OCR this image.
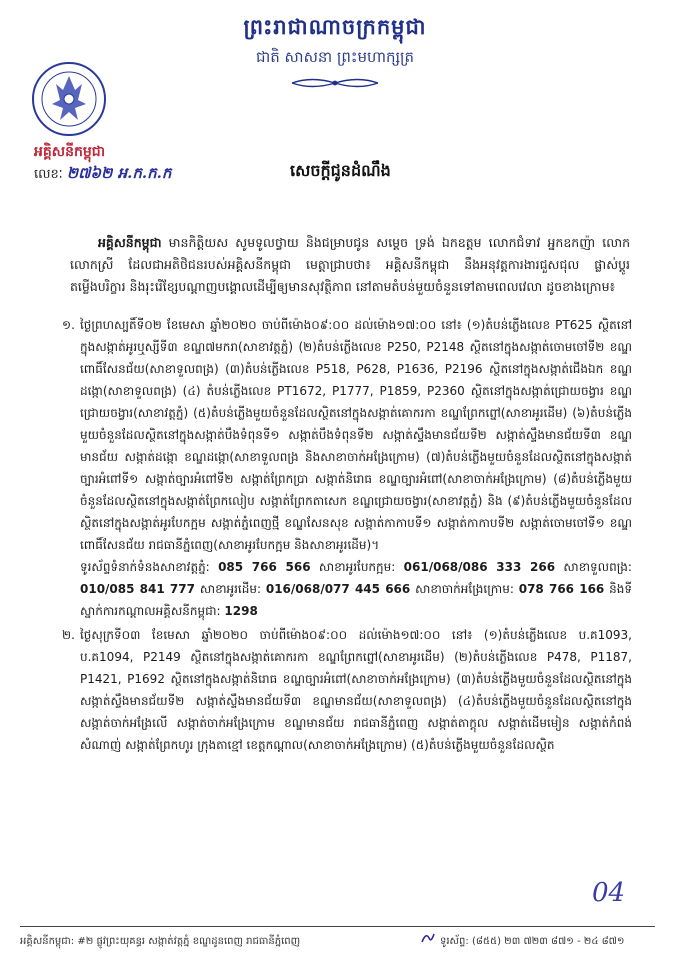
ព្រះរាជាណាចក្រកម្ពុជា
ជាតិ សាសនា ព្រះមហាក្សត្រ
អគ្គិសនីកម្ពុជា
លេខៈ ២៧៦២ អ.ក.ក.ក	សេចក្ដីជូនដំណឹង
អគ្គិសនីកម្ពុជា មានកិត្តិយស សូមទូលថ្វាយ និងជម្រាបជូន សម្ដេច ទ្រង់ ឯកឧត្តម លោកជំទាវ អ្នកឧកញ៉ា លោក លោកស្រី ដែលជាអតិថិជនរបស់អគ្គិសនីកម្ពុជា មេត្តាជ្រាបថា៖ អគ្គិសនីកម្ពុជា នឹងអនុវត្តការងារជួសជុល ផ្លាស់ប្ដូរ តម្លើងបរិក្ខារ និងរុះរើខ្សែបណ្ដាញបង្គោលដើម្បីឲ្យមានសុវត្ថិភាព នៅតាមតំបន់មួយចំនួនទៅតាមពេលវេលា ដូចខាងក្រោម៖
១. ថ្ងៃព្រហស្បតិ៍ទី០២ ខែមេសា ឆ្នាំ២០២០ ចាប់ពីម៉ោង០៩:០០ ដល់ម៉ោង១៧:០០ នៅ៖ (១)តំបន់ភ្លើងលេខ PT625 ស្ថិតនៅក្នុងសង្កាត់អូរឬស្សីទី៣ ខណ្ឌ៧មករា(សាខាវត្តភ្នំ) (២)តំបន់ភ្លើងលេខ P250, P2148 ស្ថិតនៅក្នុងសង្កាត់ចោមចៅទី២ ខណ្ឌពោធិ៍សែនជ័យ(សាខាទួលពង្រ) (៣)តំបន់ភ្លើងលេខ P518, P628, P1636, P2196 ស្ថិតនៅក្នុងសង្កាត់ជើងឯក ខណ្ឌដង្កោ(សាខាទួលពង្រ) (៤) តំបន់ភ្លើងលេខ PT1672, P1777, P1859, P2360 ស្ថិតនៅក្នុងសង្កាត់ជ្រោយចង្វារ ខណ្ឌជ្រោយចង្វារ(សាខាវត្តភ្នំ) (៥)តំបន់ភ្លើងមួយចំនួនដែលស្ថិតនៅក្នុងសង្កាត់គោករកា ខណ្ឌព្រែកព្នៅ(សាខាអូរដើម) (៦)តំបន់ភ្លើងមួយចំនួនដែលស្ថិតនៅក្នុងសង្កាត់បឹងទំពុនទី១ សង្កាត់បឹងទំពុនទី២ សង្កាត់ស្ទឹងមានជ័យទី២ សង្កាត់ស្ទឹងមានជ័យទី៣ ខណ្ឌមានជ័យ សង្កាត់ដង្កោ ខណ្ឌដង្កោ(សាខាទួលពង្រ និងសាខាចាក់អង្រែក្រោម) (៧)តំបន់ភ្លើងមួយចំនួនដែលស្ថិតនៅក្នុងសង្កាត់ច្បារអំពៅទី១ សង្កាត់ច្បារអំពៅទី២ សង្កាត់ព្រែកប្រា សង្កាត់និរោធ ខណ្ឌច្បារអំពៅ(សាខាចាក់អង្រែក្រោម) (៨)តំបន់ភ្លើងមួយចំនួនដែលស្ថិតនៅក្នុងសង្កាត់ព្រែកលៀប សង្កាត់ព្រែកតាសេក ខណ្ឌជ្រោយចង្វារ(សាខាវត្តភ្នំ) និង (៩)តំបន់ភ្លើងមួយចំនួនដែលស្ថិតនៅក្នុងសង្កាត់អូរបែកក្អម សង្កាត់ភ្នំពេញថ្មី ខណ្ឌសែនសុខ សង្កាត់កាកាបទី១ សង្កាត់កាកាបទី២ សង្កាត់ចោមចៅទី១ ខណ្ឌពោធិ៍សែនជ័យ រាជធានីភ្នំពេញ(សាខាអូរបែកក្អម និងសាខាអូរដើម)។
ទូរស័ព្ទទំនាក់ទំនងសាខាវត្តភ្នំ: 085 766 566 សាខាអូរបែកក្អម: 061/068/086 333 266 សាខាទួលពង្រ: 010/085 841 777 សាខាអូរដើម: 016/068/077 445 666 សាខាចាក់អង្រែក្រោម: 078 766 166 និងទីស្នាក់ការកណ្ដាលអគ្គិសនីកម្ពុជា: 1298
២. ថ្ងៃសុក្រទី០៣ ខែមេសា ឆ្នាំ២០២០ ចាប់ពីម៉ោង០៩:០០ ដល់ម៉ោង១៧:០០ នៅ៖ (១)តំបន់ភ្លើងលេខ ប.គ1093, ប.គ1094, P2149 ស្ថិតនៅក្នុងសង្កាត់គោករកា ខណ្ឌព្រែកព្នៅ(សាខាអូរដើម) (២)តំបន់ភ្លើងលេខ P478, P1187, P1421, P1692 ស្ថិតនៅក្នុងសង្កាត់និរោធ ខណ្ឌច្បារអំពៅ(សាខាចាក់អង្រែក្រោម) (៣)តំបន់ភ្លើងមួយចំនួនដែលស្ថិតនៅក្នុងសង្កាត់ស្ទឹងមានជ័យទី២ សង្កាត់ស្ទឹងមានជ័យទី៣ ខណ្ឌមានជ័យ(សាខាទួលពង្រ) (៤)តំបន់ភ្លើងមួយចំនួនដែលស្ថិតនៅក្នុងសង្កាត់ចាក់អង្រែលើ សង្កាត់ចាក់អង្រែក្រោម ខណ្ឌមានជ័យ រាជធានីភ្នំពេញ សង្កាត់តាក្ដុល សង្កាត់ដើមមៀន សង្កាត់កំពង់សំណាញ់ សង្កាត់ព្រែកហូរ ក្រុងតាខ្មៅ ខេត្តកណ្ដាល(សាខាចាក់អង្រែក្រោម) (៥)តំបន់ភ្លើងមួយចំនួនដែលស្ថិត
04
អគ្គិសនីកម្ពុជា: #២ ផ្លូវព្រះយុគន្ធរ សង្កាត់វត្តភ្នំ ខណ្ឌដូនពេញ រាជធានីភ្នំពេញ	ទូរស័ព្ទ: (៨៥៥) ២៣ ៧២៣ ៨៧១ - ២៤ ៨៧១
